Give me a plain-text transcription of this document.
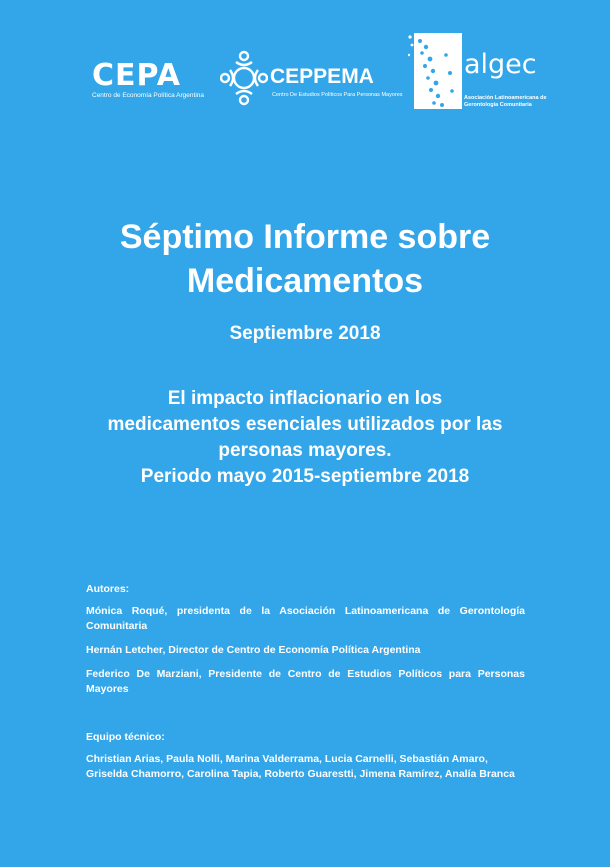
CEPA
Centro de Economía Política Argentina
CEPPEMA
Centro De Estudios Políticos Para Personas Mayores
algec
Asociación Latinoamericana de
Gerontología Comunitaria
Séptimo Informe sobre
Medicamentos
Septiembre 2018
El impacto inflacionario en los
medicamentos esenciales utilizados por las
personas mayores.
Periodo mayo 2015-septiembre 2018

Autores:

Mónica Roqué, presidenta de la Asociación Latinoamericana de Gerontología Comunitaria

Hernán Letcher, Director de Centro de Economía Política Argentina

Federico De Marziani, Presidente de Centro de Estudios Políticos para Personas Mayores

Equipo técnico:

Christian Arias, Paula Nolli, Marina Valderrama, Lucia Carnelli, Sebastián Amaro,

Griselda Chamorro, Carolina Tapia, Roberto Guarestti, Jimena Ramírez, Analía Branca
